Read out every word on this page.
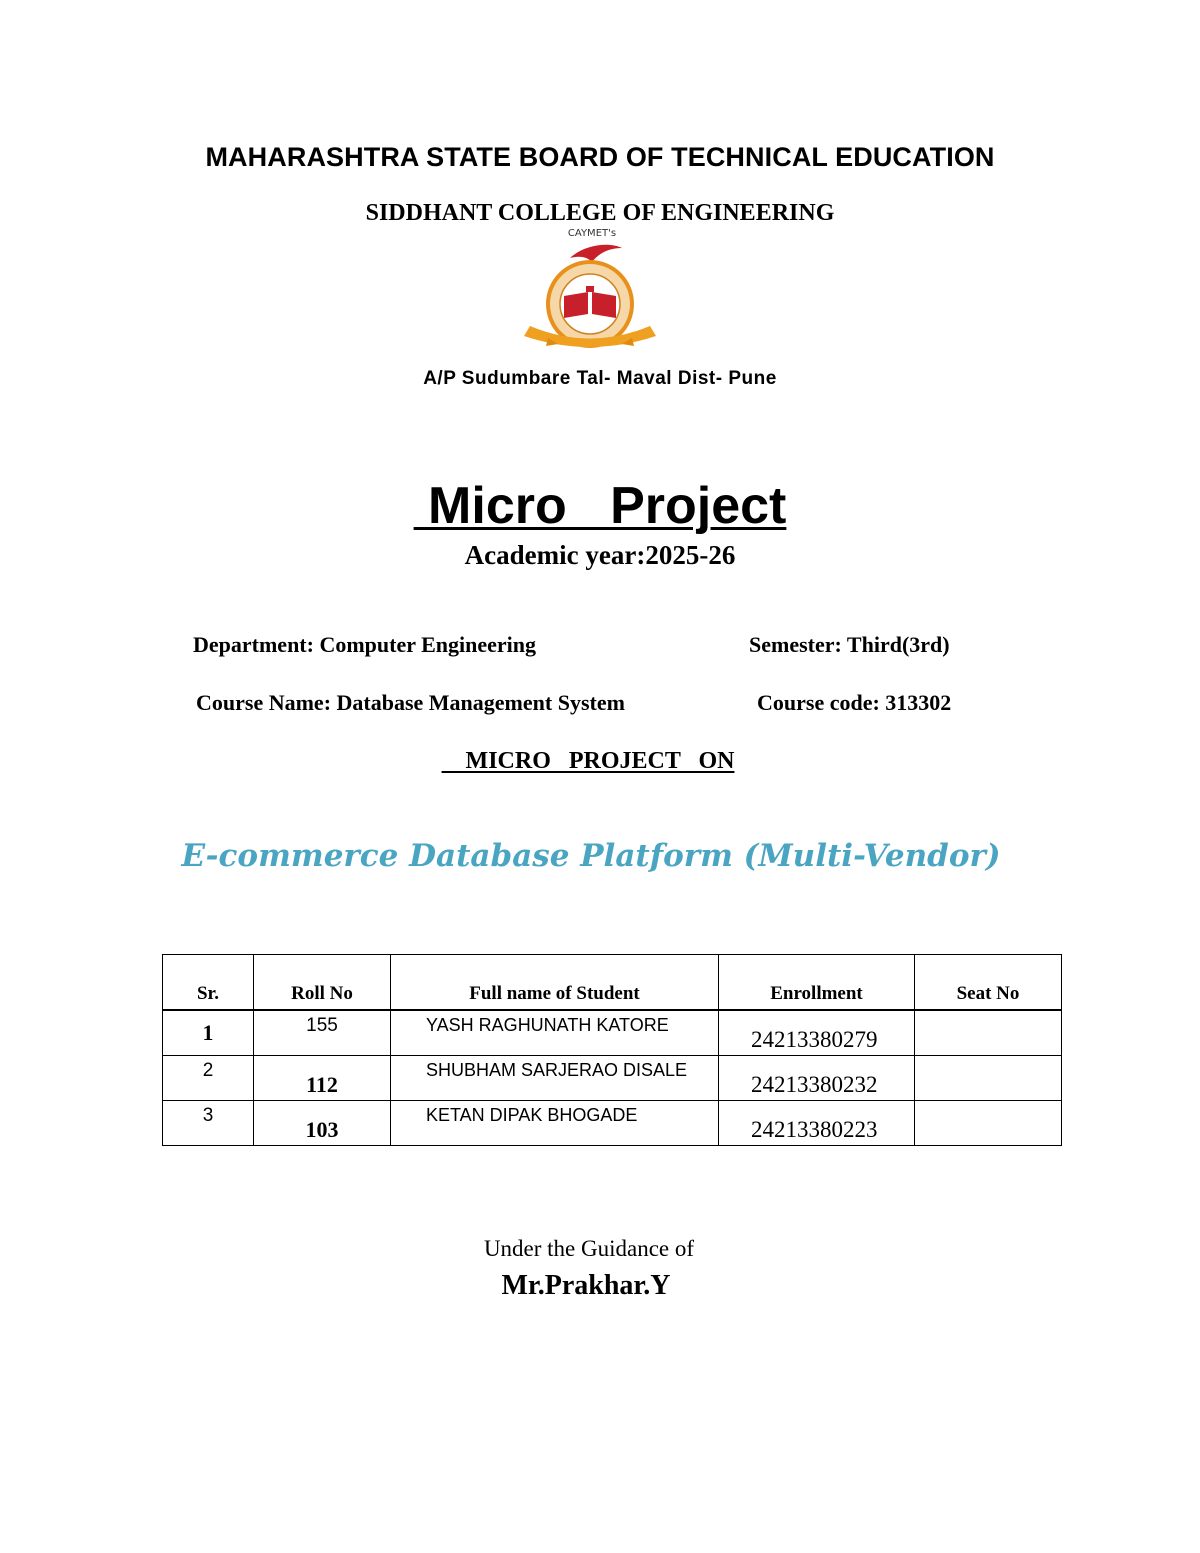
MAHARASHTRA STATE BOARD OF TECHNICAL EDUCATION
SIDDHANT COLLEGE OF ENGINEERING
CAYMET's
A/P Sudumbare Tal- Maval Dist- Pune
Micro   Project
Academic year:2025-26
Department: Computer Engineering	Semester: Third(3rd)
Course Name: Database Management System	Course code: 313302
MICRO   PROJECT   ON
E-commerce Database Platform (Multi-Vendor)
Sr.	Roll No	Full name of Student	Enrollment	Seat No
1	155	YASH RAGHUNATH KATORE	24213380279	
2	112	SHUBHAM SARJERAO DISALE	24213380232	
3	103	KETAN DIPAK BHOGADE	24213380223	
Under the Guidance of
Mr.Prakhar.Y
